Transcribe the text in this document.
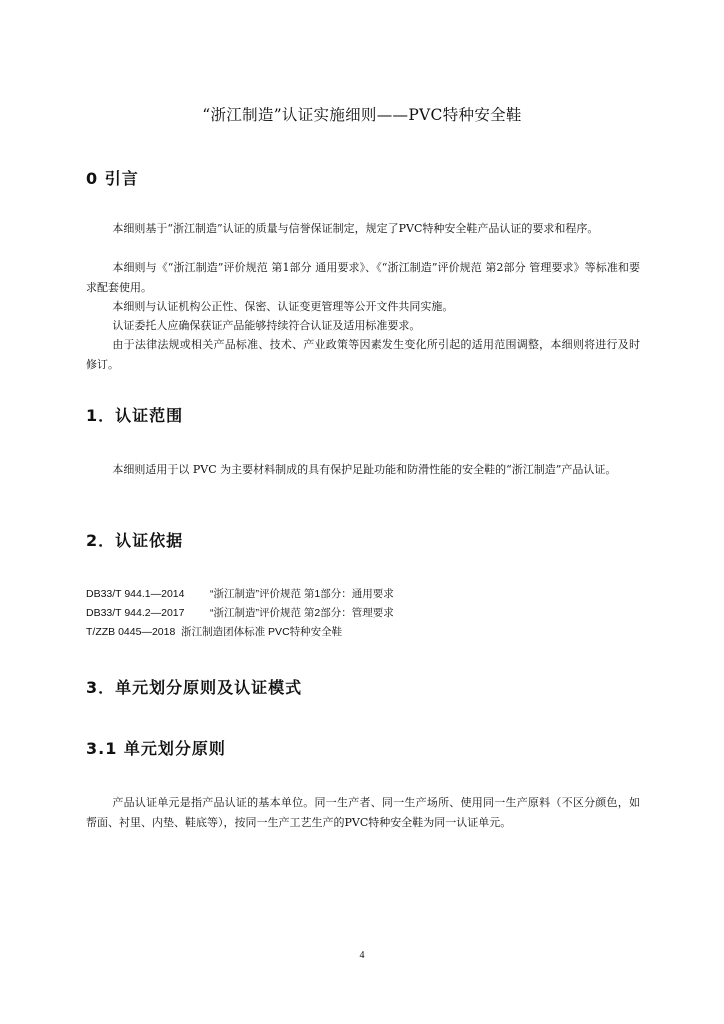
“浙江制造”认证实施细则——PVC特种安全鞋
0 引言
本细则基于“浙江制造”认证的质量与信誉保证制定，规定了PVC特种安全鞋产品认证的要求和程序。
本细则与《“浙江制造”评价规范 第1部分 通用要求》、《“浙江制造”评价规范 第2部分 管理要求》等标准和要求配套使用。
本细则与认证机构公正性、保密、认证变更管理等公开文件共同实施。
认证委托人应确保获证产品能够持续符合认证及适用标准要求。
由于法律法规或相关产品标准、技术、产业政策等因素发生变化所引起的适用范围调整，本细则将进行及时修订。
1．认证范围
本细则适用于以 PVC 为主要材料制成的具有保护足趾功能和防滑性能的安全鞋的“浙江制造”产品认证。
2．认证依据
DB33/T 944.1—2014 “浙江制造”评价规范 第1部分：通用要求
DB33/T 944.2—2017 “浙江制造”评价规范 第2部分：管理要求
T/ZZB 0445—2018 浙江制造团体标准 PVC特种安全鞋
3．单元划分原则及认证模式
3.1 单元划分原则
产品认证单元是指产品认证的基本单位。同一生产者、同一生产场所、使用同一生产原料（不区分颜色，如帮面、衬里、内垫、鞋底等），按同一生产工艺生产的PVC特种安全鞋为同一认证单元。
4
